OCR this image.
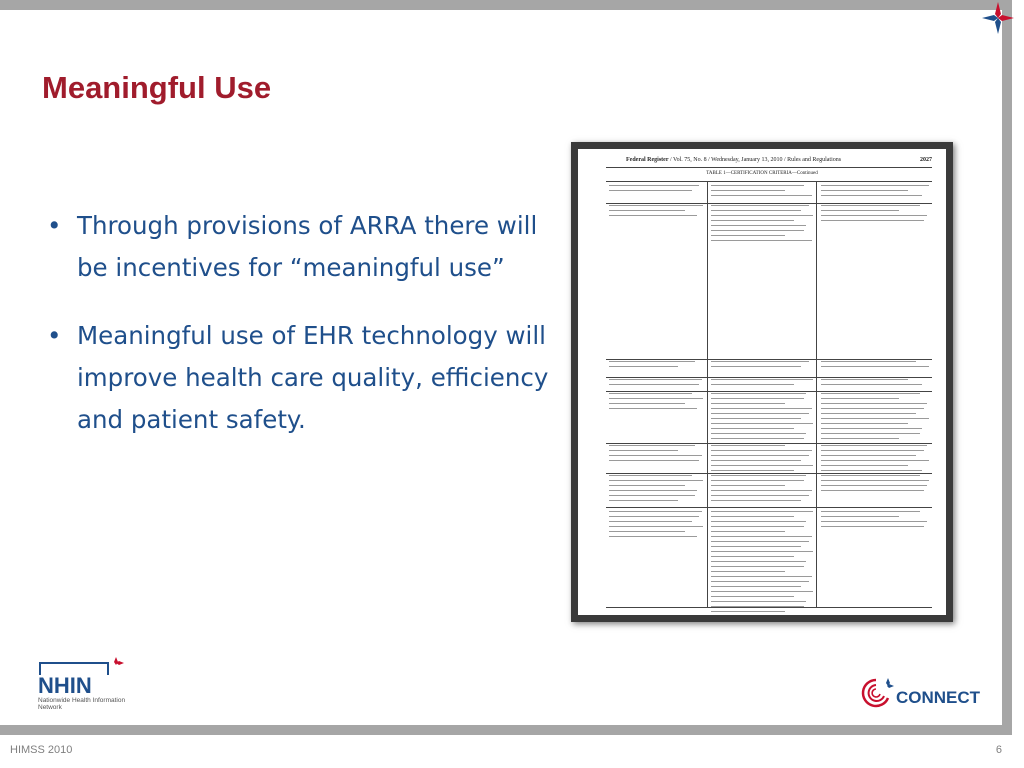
Meaningful Use
• Through provisions of ARRA there will be incentives for “meaningful use”
• Meaningful use of EHR technology will improve health care quality, efficiency and patient safety.
Federal Register / Vol. 75, No. 8 / Wednesday, January 13, 2010 / Rules and Regulations	2027
TABLE 1—CERTIFICATION CRITERIA—Continued
NHIN
Nationwide Health Information Network
CONNECT
HIMSS 2010	6
